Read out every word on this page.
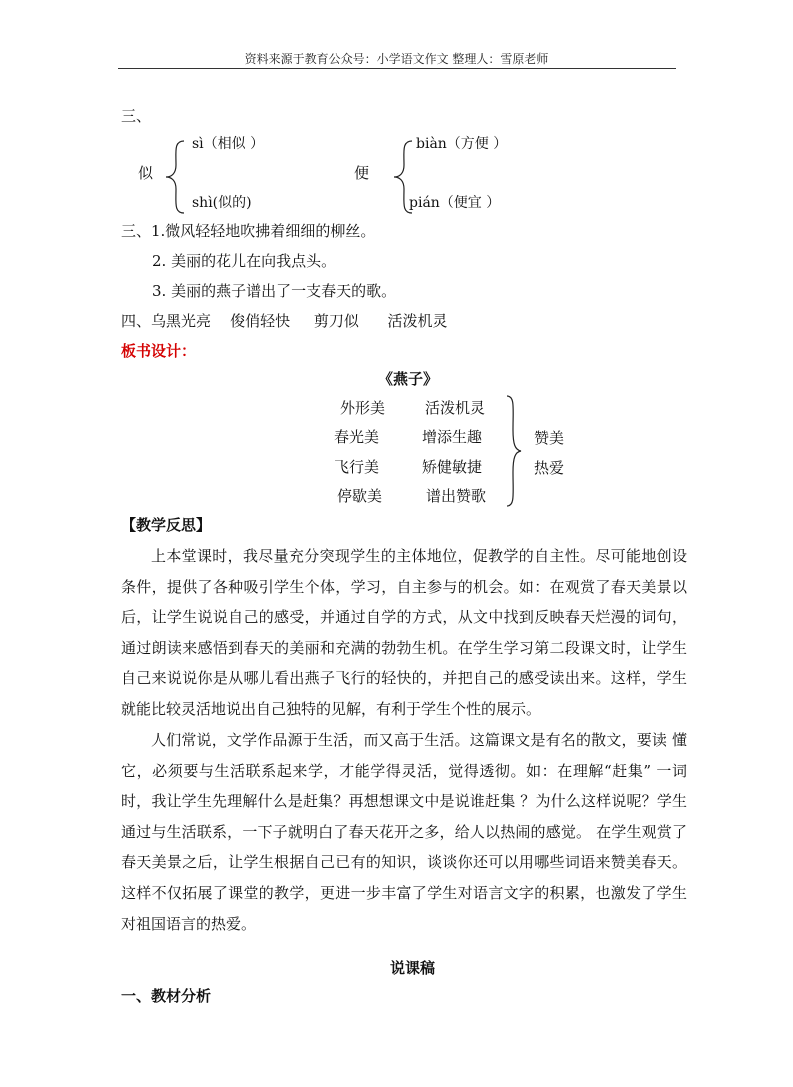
资料来源于教育公众号：小学语文作文 整理人：雪原老师
三、
似
sì（相似 ）
shì(似的)
便
biàn（方便 ）
pián（便宜 ）
三、1.微风轻轻地吹拂着细细的柳丝。
2. 美丽的花儿在向我点头。
3. 美丽的燕子谱出了一支春天的歌。
四、乌黑光亮    俊俏轻快     剪刀似      活泼机灵
板书设计：
《燕子》
外形美	活泼机灵
春光美	增添生趣
飞行美	矫健敏捷
停歇美	谱出赞歌
赞美
热爱
【教学反思】
上本堂课时，我尽量充分突现学生的主体地位，促教学的自主性。尽可能地创设条件，提供了各种吸引学生个体，学习，自主参与的机会。如：在观赏了春天美景以后，让学生说说自己的感受，并通过自学的方式，从文中找到反映春天烂漫的词句，通过朗读来感悟到春天的美丽和充满的勃勃生机。在学生学习第二段课文时，让学生自己来说说你是从哪儿看出燕子飞行的轻快的，并把自己的感受读出来。这样，学生就能比较灵活地说出自己独特的见解，有利于学生个性的展示。
人们常说，文学作品源于生活，而又高于生活。这篇课文是有名的散文，要读 懂它，必须要与生活联系起来学，才能学得灵活，觉得透彻。如：在理解“赶集” 一词时，我让学生先理解什么是赶集？再想想课文中是说谁赶集 ？为什么这样说呢？学生通过与生活联系，一下子就明白了春天花开之多，给人以热闹的感觉。 在学生观赏了春天美景之后，让学生根据自己已有的知识，谈谈你还可以用哪些词语来赞美春天。这样不仅拓展了课堂的教学，更进一步丰富了学生对语言文字的积累，也激发了学生对祖国语言的热爱。
说课稿
一、教材分析
